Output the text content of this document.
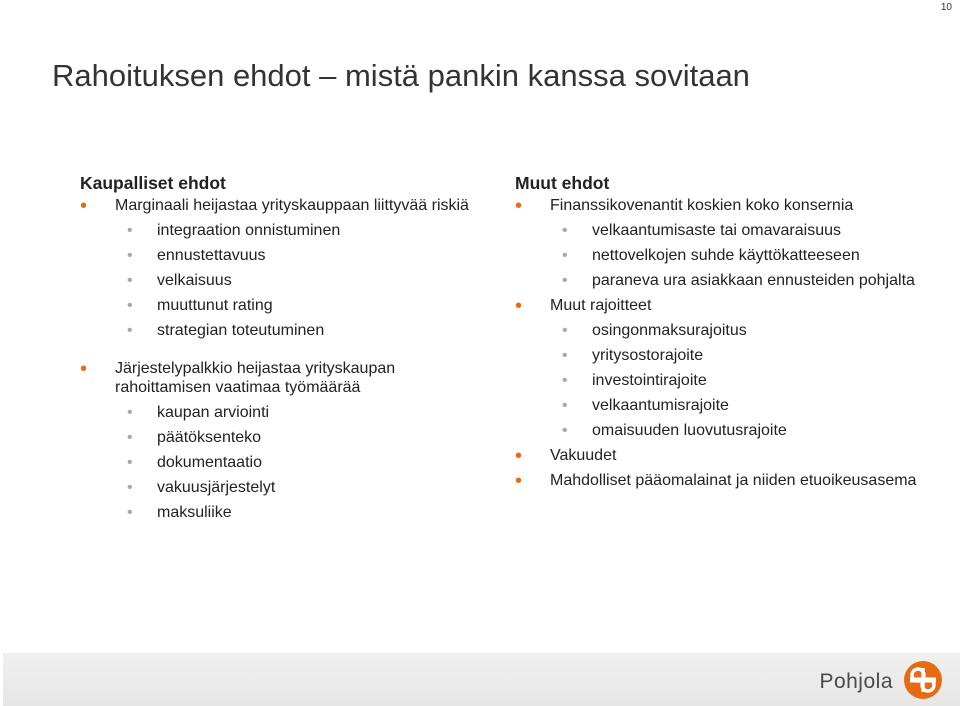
10
Rahoituksen ehdot – mistä pankin kanssa sovitaan
Kaupalliset ehdot
• Marginaali heijastaa yrityskauppaan liittyvää riskiä
• integraation onnistuminen
• ennustettavuus
• velkaisuus
• muuttunut rating
• strategian toteutuminen
• Järjestelypalkkio heijastaa yrityskaupan rahoittamisen vaatimaa työmäärää
• kaupan arviointi
• päätöksenteko
• dokumentaatio
• vakuusjärjestelyt
• maksuliike
Muut ehdot
• Finanssikovenantit koskien koko konsernia
• velkaantumisaste tai omavaraisuus
• nettovelkojen suhde käyttökatteeseen
• paraneva ura asiakkaan ennusteiden pohjalta
• Muut rajoitteet
• osingonmaksurajoitus
• yritysostorajoite
• investointirajoite
• velkaantumisrajoite
• omaisuuden luovutusrajoite
• Vakuudet
• Mahdolliset pääomalainat ja niiden etuoikeusasema
Pohjola
